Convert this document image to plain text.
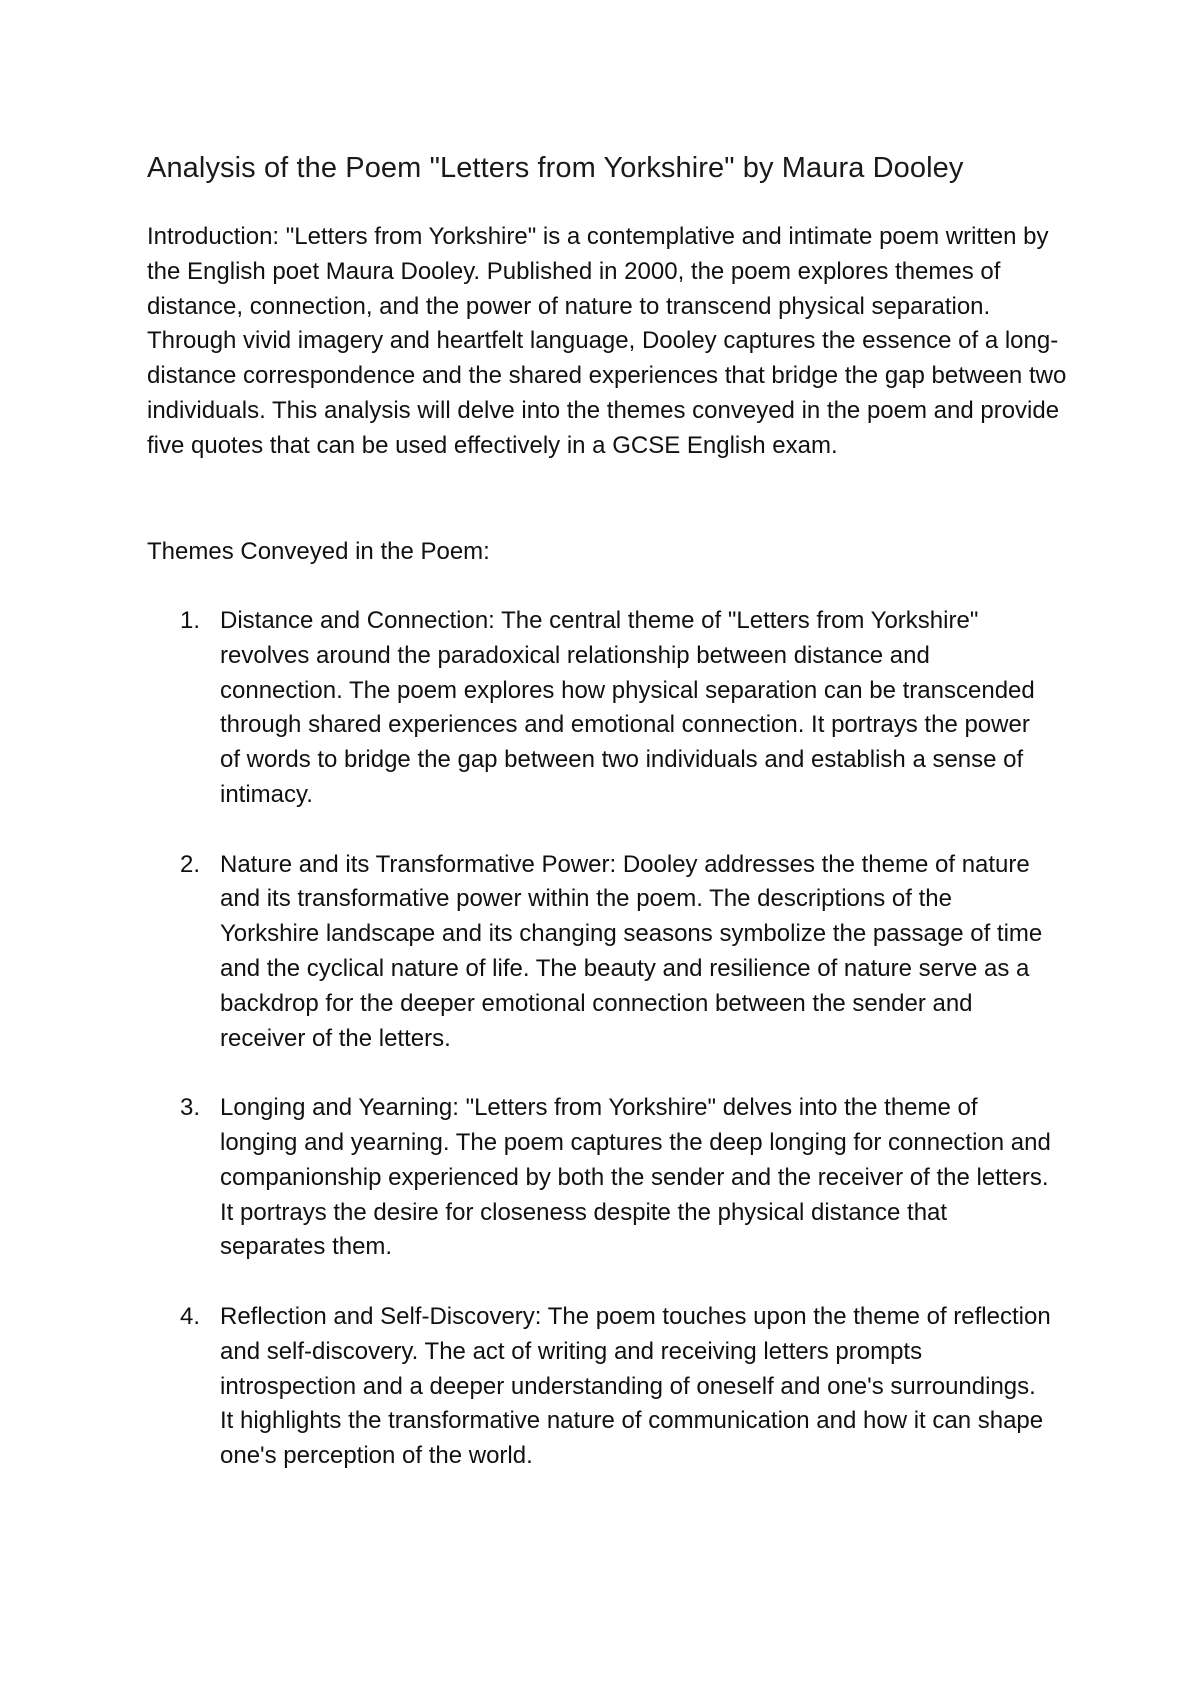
Analysis of the Poem "Letters from Yorkshire" by Maura Dooley

Introduction: "Letters from Yorkshire" is a contemplative and intimate poem written by the English poet Maura Dooley. Published in 2000, the poem explores themes of distance, connection, and the power of nature to transcend physical separation. Through vivid imagery and heartfelt language, Dooley captures the essence of a long-distance correspondence and the shared experiences that bridge the gap between two individuals. This analysis will delve into the themes conveyed in the poem and provide five quotes that can be used effectively in a GCSE English exam.

Themes Conveyed in the Poem:

1. Distance and Connection: The central theme of "Letters from Yorkshire" revolves around the paradoxical relationship between distance and connection. The poem explores how physical separation can be transcended through shared experiences and emotional connection. It portrays the power of words to bridge the gap between two individuals and establish a sense of intimacy.
2. Nature and its Transformative Power: Dooley addresses the theme of nature and its transformative power within the poem. The descriptions of the Yorkshire landscape and its changing seasons symbolize the passage of time and the cyclical nature of life. The beauty and resilience of nature serve as a backdrop for the deeper emotional connection between the sender and receiver of the letters.
3. Longing and Yearning: "Letters from Yorkshire" delves into the theme of longing and yearning. The poem captures the deep longing for connection and companionship experienced by both the sender and the receiver of the letters. It portrays the desire for closeness despite the physical distance that separates them.
4. Reflection and Self-Discovery: The poem touches upon the theme of reflection and self-discovery. The act of writing and receiving letters prompts introspection and a deeper understanding of oneself and one's surroundings. It highlights the transformative nature of communication and how it can shape one's perception of the world.
